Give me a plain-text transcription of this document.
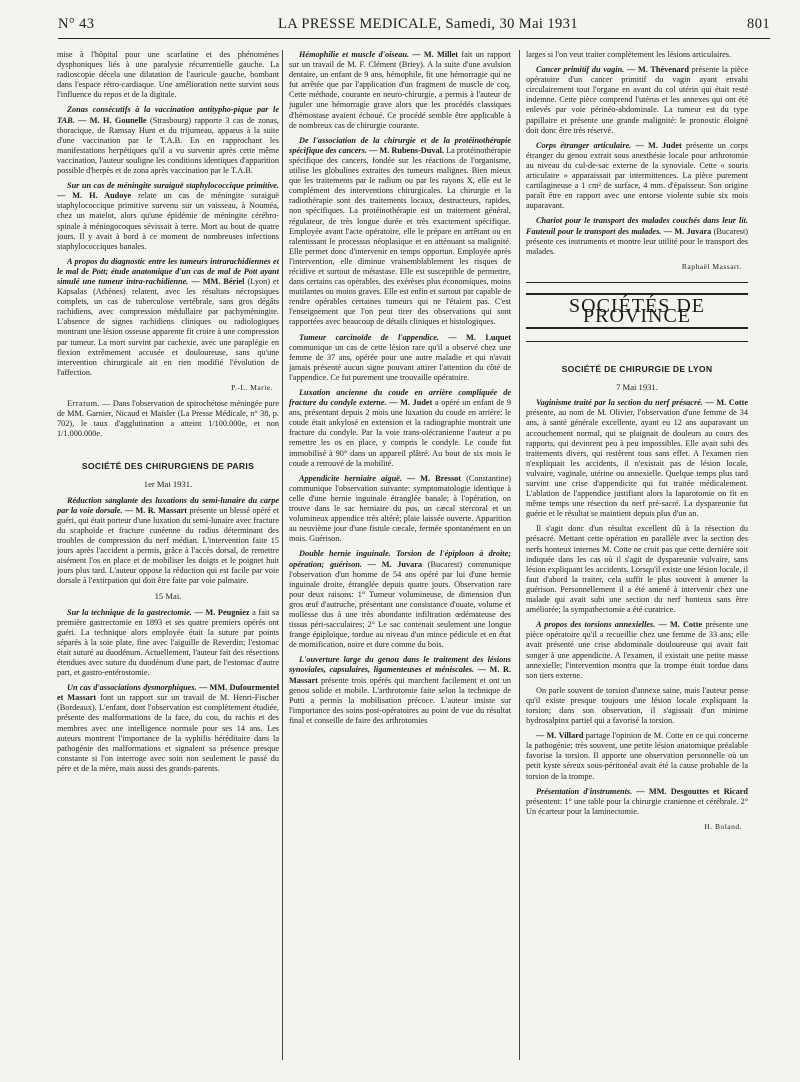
N° 43	LA PRESSE MEDICALE, Samedi, 30 Mai 1931	801

mise à l'hôpital pour une scarlatine et des phénomènes dysphoniques liés à une paralysie récurrentielle gauche. La radioscopie décela une dilatation de l'auricule gauche, bombant dans l'espace rétro-cardiaque. Une amélioration nette survint sous l'influence du repos et de la digitale.

Zonas consécutifs à la vaccination antitypho-pique par le TAB. — M. H. Gounelle (Strasbourg) rapporte 3 cas de zonas, thoracique, de Ramsay Hunt et du trijumeau, apparus à la suite d'une vaccination par le T.A.B. En en rapprochant les manifestations herpétiques qu'il a vu survenir après cette même vaccination, l'auteur souligne les conditions identiques d'apparition possible d'herpès et de zona après vaccination par le T.A.B.

Sur un cas de méningite suraiguë staphylococcique primitive. — M. H. Audoye relate un cas de méningite suraiguë staphylococcique primitive survenu sur un vaisseau, à Nouméa, chez un matelot, alors qu'une épidémie de méningite cérébro-spinale à méningocoques sévissait à terre. Mort au bout de quatre jours. Il y avait à bord à ce moment de nombreuses infections staphylococciques banales.

A propos du diagnostic entre les tumeurs intrarachidiennes et le mal de Pott; étude anatomique d'un cas de mal de Pott ayant simulé une tumeur intra-rachidienne. — MM. Bériel (Lyon) et Kapsalas (Athènes) relatent, avec les résultats nécropsiques complets, un cas de tuberculose vertébrale, sans gros dégâts rachidiens, avec compression médullaire par pachyméningite. L'absence de signes rachidiens cliniques ou radiologiques montrant une lésion osseuse apparente fit croire à une compression par tumeur. La mort survint par cachexie, avec une paraplégie en flexion extrêmement accusée et douloureuse, sans qu'une intervention chirurgicale ait en rien modifié l'évolution de l'affection.

P.-L. Marie.

Erratum. — Dans l'observation de spirochétose méningée pure de MM. Garnier, Nicaud et Maisler (La Presse Médicale, n° 38, p. 702), le taux d'agglutination a atteint 1/100.000e, et non 1/1.000.000e.

SOCIÉTÉ DES CHIRURGIENS DE PARIS

1er Mai 1931.

Réduction sanglante des luxations du semi-lunaire du carpe par la voie dorsale. — M. R. Massart présente un blessé opéré et guéri, qui était porteur d'une luxation du semi-lunaire avec fracture du scaphoïde et fracture cunéenne du radius déterminant des troubles de compression du nerf médian. L'intervention faite 15 jours après l'accident a permis, grâce à l'accès dorsal, de remettre aisément l'os en place et de mobiliser les doigts et le poignet huit jours plus tard. L'auteur oppose la réduction qui est facile par voie dorsale à l'extirpation qui doit être faite par voie palmaire.

15 Mai.

Sur la technique de la gastrectomie. — M. Peugniez a fait sa première gastrectomie en 1893 et ses quatre premiers opérés ont guéri. La technique alors employée était la suture par points séparés à la soie plate, fine avec l'aiguille de Reverdin; l'estomac était suturé au duodénum. Actuellement, l'auteur fait des résections étendues avec suture du duodénum d'une part, de l'estomac d'autre part, et gastro-entérostomie.

Un cas d'associations dysmorphiques. — MM. Dufourmentel et Massart font un rapport sur un travail de M. Henri-Fischer (Bordeaux). L'enfant, dont l'observation est complètement étudiée, présente des malformations de la face, du cou, du rachis et des membres avec une intelligence normale pour ses 14 ans. Les auteurs montrent l'importance de la syphilis héréditaire dans la pathogénie des malformations et signalent sa présence presque constante si l'on interroge avec soin non seulement le passé du père et de la mère, mais aussi des grands-parents.

Hémophilie et muscle d'oiseau. — M. Millet fait un rapport sur un travail de M. F. Clément (Briey). A la suite d'une avulsion dentaire, un enfant de 9 ans, hémophile, fit une hémorragie qui ne fut arrêtée que par l'application d'un fragment de muscle de coq. Cette méthode, courante en neuro-chirurgie, a permis à l'auteur de juguler une hémorragie grave alors que les procédés classiques d'hémostase avaient échoué. Ce procédé semble être applicable à de nombreux cas de chirurgie courante.

De l'association de la chirurgie et de la protéinothérapie spécifique des cancers. — M. Rubens-Duval. La protéinothérapie spécifique des cancers, fondée sur les réactions de l'organisme, utilise les globulines extraites des tumeurs malignes. Bien mieux que les traitements par le radium ou par les rayons X, elle est le complément des interventions chirurgicales. La chirurgie et la radiothérapie sont des traitements locaux, destructeurs, rapides, non spécifiques. La protéinothérapie est un traitement général, régulateur, de très longue durée et très exactement spécifique. Employée avant l'acte opératoire, elle le prépare en arrêtant ou en ralentissant le processus néoplasique et en atténuant sa malignité. Elle permet donc d'intervenir en temps opportun. Employée après l'intervention, elle diminue vraisemblablement les risques de récidive et surtout de métastase. Elle est susceptible de permettre, dans certains cas opérables, des exérèses plus économiques, moins mutilantes ou moins graves. Elle est enfin et surtout par capable de rendre opérables certaines tumeurs qui ne l'étaient pas. C'est l'enseignement que l'on peut tirer des observations qui sont rapportées avec beaucoup de détails cliniques et histologiques.

Tumeur carcinoïde de l'appendice. — M. Luquet communique un cas de cette lésion rare qu'il a observé chez une femme de 37 ans, opérée pour une autre maladie et qui n'avait jamais présenté aucun signe pouvant attirer l'attention du côté de l'appendice. Ce fut purement une trouvaille opératoire.

Luxation ancienne du coude en arrière compliquée de fracture du condyle externe. — M. Judet a opéré un enfant de 9 ans, présentant depuis 2 mois une luxation du coude en arrière: le coude était ankylosé en extension et la radiographie montrait une fracture du condyle. Par la voie trans-olécranienne l'auteur a pu remettre les os en place, y compris le condyle. Le coude fut immobilisé à 90° dans un appareil plâtré. Au bout de six mois le coude a retrouvé de la mobilité.

Appendicite herniaire aiguë. — M. Bressot (Constantine) communique l'observation suivante: symptomatologie identique à celle d'une hernie inguinale étranglée banale; à l'opération, on trouve dans le sac herniaire du pus, un cæcal stercoral et un volumineux appendice très altéré; plaie laissée ouverte. Apparition au neuvième jour d'une fistule cæcale, fermée spontanément en un mois. Guérison.

Double hernie inguinale. Torsion de l'épiploon à droite; opération; guérison. — M. Juvara (Bucarest) communique l'observation d'un homme de 54 ans opéré par lui d'une hernie inguinale droite, étranglée depuis quatre jours. Observation rare pour deux raisons: 1° Tumeur volumineuse, de dimension d'un gros œuf d'autruche, présentant une consistance d'ouate, volume et mollesse dus à une très abondante infiltration œdémateuse des tissus péri-sacculaires; 2° Le sac contenait seulement une longue frange épiploïque, tordue au niveau d'un mince pédicule et en état de momification, noire et dure comme du bois.

L'ouverture large du genou dans le traitement des lésions synoviales, capsulaires, ligamenteuses et méniscales. — M. R. Massart présente trois opérés qui marchent facilement et ont un genou solide et mobile. L'arthrotomie faite selon la technique de Putti a permis la mobilisation précoce. L'auteur insiste sur l'importance des soins post-opératoires au point de vue du résultat final et conseille de faire des arthrotomies

larges si l'on veut traiter complètement les lésions articulaires.

Cancer primitif du vagin. — M. Thévenard présente la pièce opératoire d'un cancer primitif du vagin ayant envahi circulairement tout l'organe en avant du col utérin qui était resté indemne. Cette pièce comprend l'utérus et les annexes qui ont été enlevés par voie périnéo-abdominale. La tumeur est du type papillaire et présente une grande malignité: le pronostic éloigné doit donc être très réservé.

Corps étranger articulaire. — M. Judet présente un corps étranger du genou extrait sous anesthésie locale pour arthrotomie au niveau du cul-de-sac externe de la synoviale. Cette « souris articulaire » apparaissait par intermittences. La pièce purement cartilagineuse a 1 cm² de surface, 4 mm. d'épaisseur. Son origine paraît être en rapport avec une entorse violente subie six mois auparavant.

Chariot pour le transport des malades couchés dans leur lit. Fauteuil pour le transport des malades. — M. Juvara (Bucarest) présente ces instruments et montre leur utilité pour le transport des malades.

Raphaël Massart.

SOCIÉTÉS DE PROVINCE
SOCIÉTÉ DE CHIRURGIE DE LYON

7 Mai 1931.

Vaginisme traité par la section du nerf présacré. — M. Cotte présente, au nom de M. Olivier, l'observation d'une femme de 34 ans, à santé générale excellente, ayant eu 12 ans auparavant un accouchement normal, qui se plaignait de douleurs au cours des rapports, qui devinrent peu à peu impossibles. Elle avait subi des traitements divers, qui restèrent tous sans effet. A l'examen rien n'expliquait les accidents, il n'existait pas de lésion locale, vulvaire, vaginale, utérine ou annexielle. Quelque temps plus tard survint une crise d'appendicite qui fut traitée médicalement. L'ablation de l'appendice justifiant alors la laparotomie on fit en même temps une résection du nerf pré-sacré. La dyspareunie fut guérie et le résultat se maintient depuis plus d'un an.

Il s'agit donc d'un résultat excellent dû à la résection du présacré. Mettant cette opération en parallèle avec la section des nerfs honteux internes M. Cotte ne croit pas que cette dernière soit indiquée dans les cas où il s'agit de dyspareunie vulvaire, sans lésion expliquant les accidents. Lorsqu'il existe une lésion locale, il faut d'abord la traiter, cela suffit le plus souvent à amener la guérison. Personnellement il a été amené à intervenir chez une malade qui avait subi une section du nerf honteux sans être améliorée; la sympathectomie a été curatrice.

A propos des torsions annexielles. — M. Cotte présente une pièce opératoire qu'il a recueillie chez une femme de 33 ans; elle avait présenté une crise abdominale douloureuse qui avait fait songer à une appendicite. A l'examen, il existait une petite masse annexielle; l'intervention montra que la trompe était tordue dans son tiers externe.

On parle souvent de torsion d'annexe saine, mais l'auteur pense qu'il existe presque toujours une lésion locale expliquant la torsion; dans son observation, il s'agissait d'un minime hydrosalpinx partiel qui a favorisé la torsion.

— M. Villard partage l'opinion de M. Cotte en ce qui concerne la pathogénie; très souvent, une petite lésion anatomique préalable favorise la torsion. Il apporte une observation personnelle où un petit kyste séreux sous-péritonéal avait été la cause probable de la torsion de la trompe.

Présentation d'instruments. — MM. Desgouttes et Ricard présentent: 1° une table pour la chirurgie cranienne et cérébrale. 2° Un écarteur pour la laminectomie.

H. Boland.
